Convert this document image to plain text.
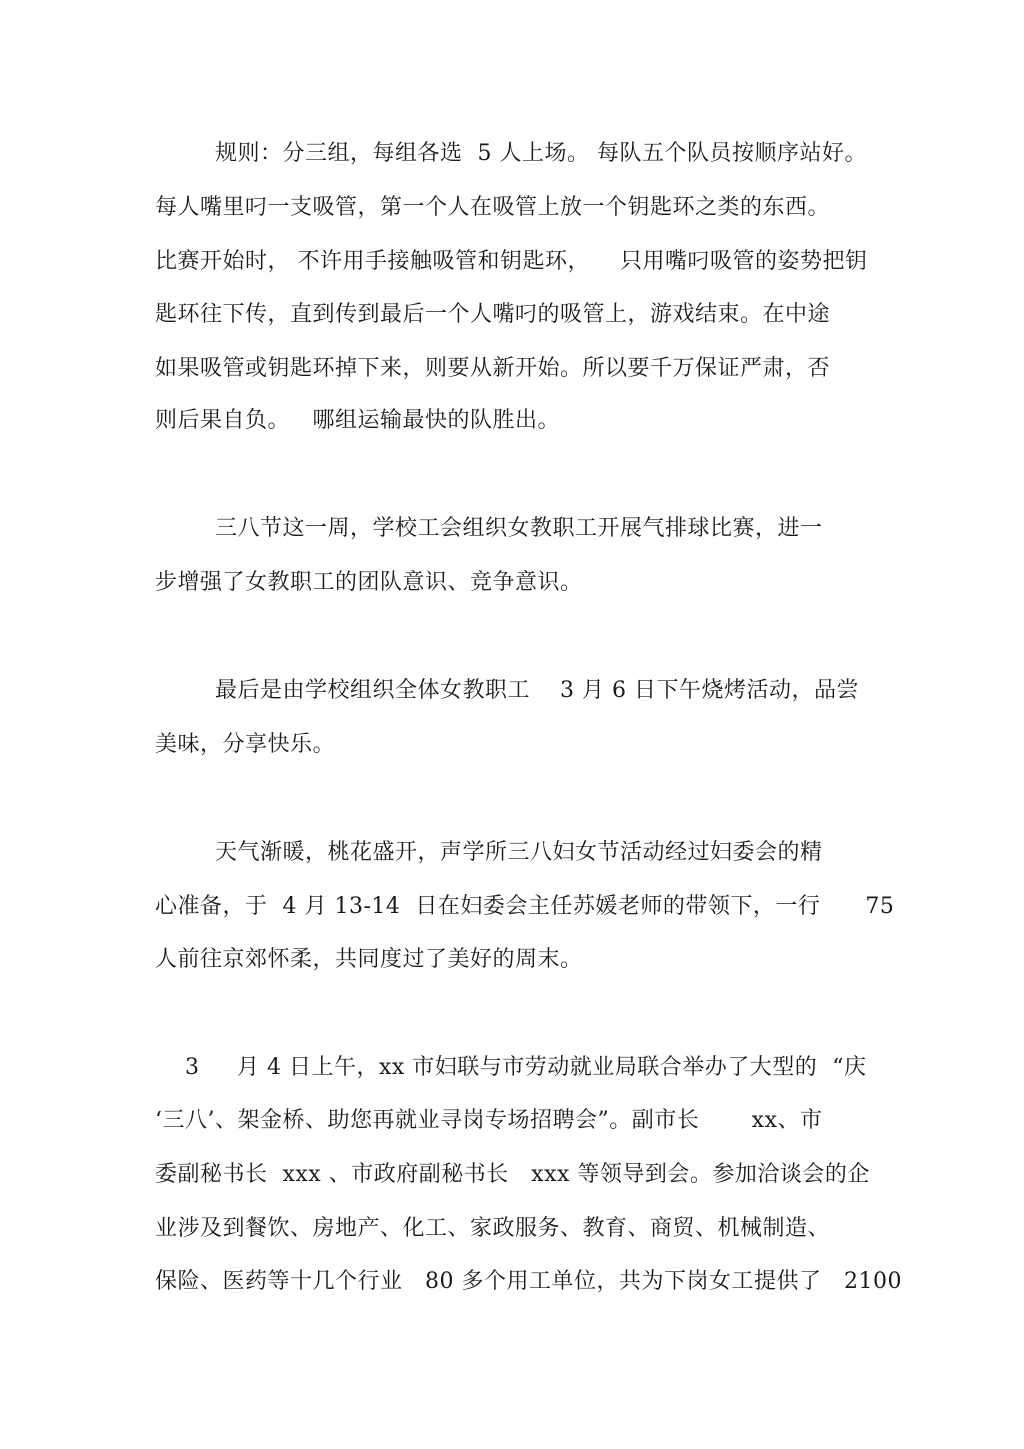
规则：分三组，每组各选  5 人上场。 每队五个队员按顺序站好。
每人嘴里叼一支吸管，第一个人在吸管上放一个钥匙环之类的东西。
比赛开始时， 不许用手接触吸管和钥匙环，    只用嘴叼吸管的姿势把钥
匙环往下传，直到传到最后一个人嘴叼的吸管上，游戏结束。在中途
如果吸管或钥匙环掉下来，则要从新开始。所以要千万保证严肃，否
则后果自负。   哪组运输最快的队胜出。
三八节这一周，学校工会组织女教职工开展气排球比赛，进一
步增强了女教职工的团队意识、竞争意识。
最后是由学校组织全体女教职工    3 月 6 日下午烧烤活动，品尝
美味，分享快乐。
天气渐暖，桃花盛开，声学所三八妇女节活动经过妇委会的精
心准备，于  4 月 13-14  日在妇委会主任苏媛老师的带领下，一行      75
人前往京郊怀柔，共同度过了美好的周末。
3     月 4 日上午，xx 市妇联与市劳动就业局联合举办了大型的  “庆
‘三八’、架金桥、助您再就业寻岗专场招聘会”。副市长       xx、市
委副秘书长  xxx 、市政府副秘书长   xxx 等领导到会。参加洽谈会的企
业涉及到餐饮、房地产、化工、家政服务、教育、商贸、机械制造、
保险、医药等十几个行业   80 多个用工单位，共为下岗女工提供了   2100
